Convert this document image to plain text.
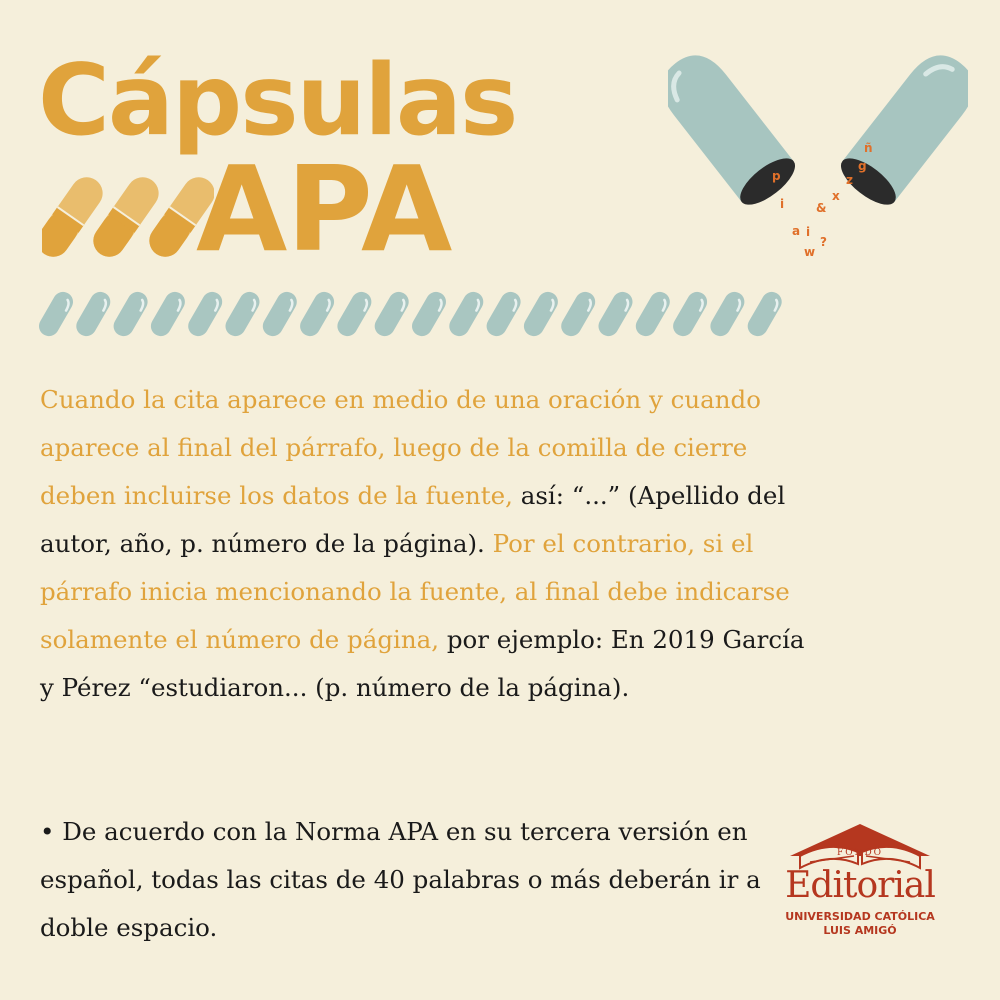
Cápsulas
APA	p
i
a
w
&
x
z
g
ñ
i
?

Cuando la cita aparece en medio de una oración y cuando aparece al final del párrafo, luego de la comilla de cierre deben incluirse los datos de la fuente, así: “...” (Apellido del autor, año, p. número de la página). Por el contrario, si el párrafo inicia mencionando la fuente, al final debe indicarse solamente el número de página, por ejemplo: En 2019 García y Pérez “estudiaron... (p. número de la página).

• De acuerdo con la Norma APA en su tercera versión en español, todas las citas de 40 palabras o más deberán ir a doble espacio.

FONDO
Editorial
UNIVERSIDAD CATÓLICA
LUIS AMIGÓ
